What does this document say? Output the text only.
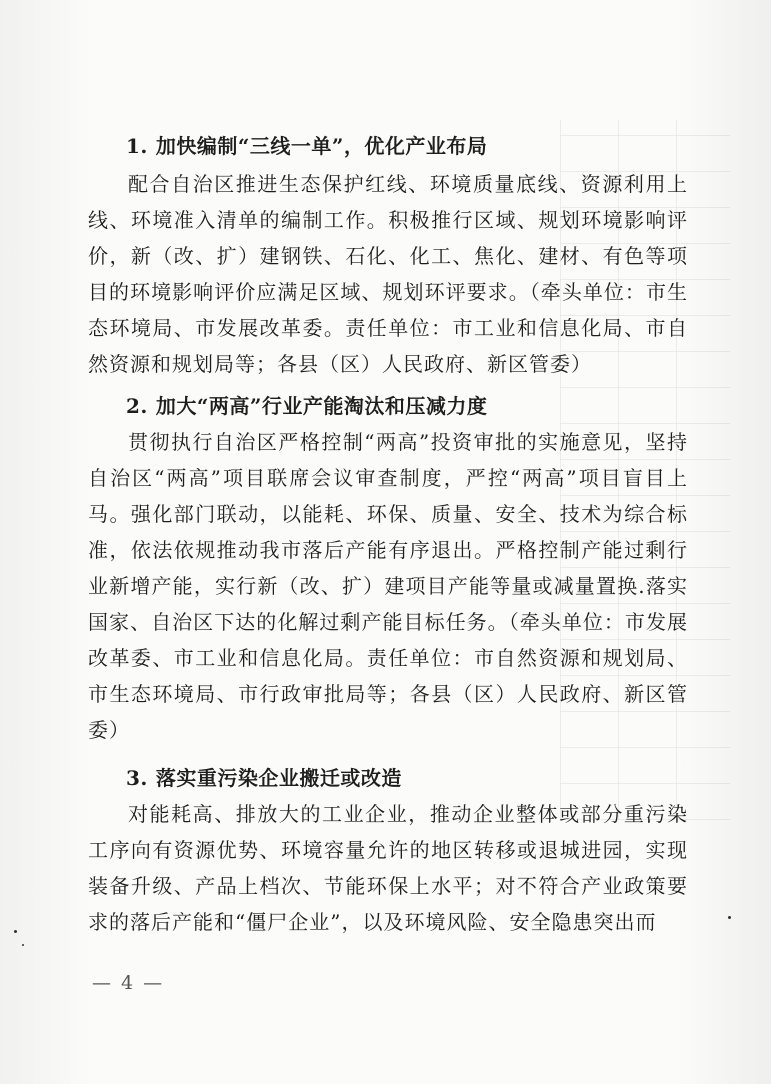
1. 加快编制“三线一单”，优化产业布局
配合自治区推进生态保护红线、环境质量底线、资源利用上线、环境准入清单的编制工作。积极推行区域、规划环境影响评价，新（改、扩）建钢铁、石化、化工、焦化、建材、有色等项目的环境影响评价应满足区域、规划环评要求。（牵头单位：市生态环境局、市发展改革委。责任单位：市工业和信息化局、市自然资源和规划局等；各县（区）人民政府、新区管委）
2. 加大“两高”行业产能淘汰和压减力度
贯彻执行自治区严格控制“两高”投资审批的实施意见，坚持自治区“两高”项目联席会议审查制度，严控“两高”项目盲目上马。强化部门联动，以能耗、环保、质量、安全、技术为综合标准，依法依规推动我市落后产能有序退出。严格控制产能过剩行业新增产能，实行新（改、扩）建项目产能等量或减量置换.落实国家、自治区下达的化解过剩产能目标任务。（牵头单位：市发展改革委、市工业和信息化局。责任单位：市自然资源和规划局、市生态环境局、市行政审批局等；各县（区）人民政府、新区管委）
3. 落实重污染企业搬迁或改造
对能耗高、排放大的工业企业，推动企业整体或部分重污染工序向有资源优势、环境容量允许的地区转移或退城进园，实现装备升级、产品上档次、节能环保上水平；对不符合产业政策要求的落后产能和“僵尸企业”，以及环境风险、安全隐患突出而
— 4 —
